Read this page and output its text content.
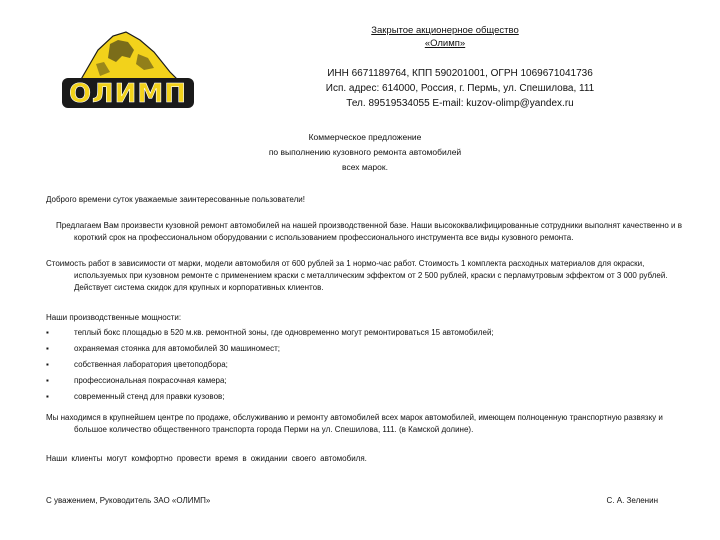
ОЛИМП
Закрытое акционерное общество
«Олимп»
ИНН 6671189764, КПП 590201001, ОГРН 1069671041736
Исп. адрес: 614000, Россия, г. Пермь, ул. Спешилова, 111
Тел. 89519534055 E-mail: kuzov-olimp@yandex.ru
Коммерческое предложение
по выполнению кузовного ремонта автомобилей
всех марок.
Доброго времени суток уважаемые заинтересованные пользователи!
Предлагаем Вам произвести кузовной ремонт автомобилей на нашей производственной базе. Наши высококвалифицированные сотрудники выполнят качественно и в короткий срок на профессиональном оборудовании с использованием профессионального инструмента все виды кузовного ремонта.
Стоимость работ в зависимости от марки, модели автомобиля от 600 рублей за 1 нормо-час работ. Стоимость 1 комплекта расходных материалов для окраски, используемых при кузовном ремонте с применением краски с металлическим эффектом от 2 500 рублей, краски с перламутровым эффектом от 3 000 рублей. Действует система скидок для крупных и корпоративных клиентов.
Наши производственные мощности:
▪	теплый бокс площадью в 520 м.кв. ремонтной зоны, где одновременно могут ремонтироваться 15 автомобилей;
▪	охраняемая стоянка для автомобилей 30 машиномест;
▪	собственная лаборатория цветоподбора;
▪	профессиональная покрасочная камера;
▪	современный стенд для правки кузовов;
Мы находимся в крупнейшем центре по продаже, обслуживанию и ремонту автомобилей всех марок автомобилей, имеющем полноценную транспортную развязку и большое количество общественного транспорта города Перми на ул. Спешилова, 111. (в Камской долине).
Наши клиенты могут комфортно провести время в ожидании своего автомобиля.
С уважением, Руководитель ЗАО «ОЛИМП»	С. А. Зеленин
